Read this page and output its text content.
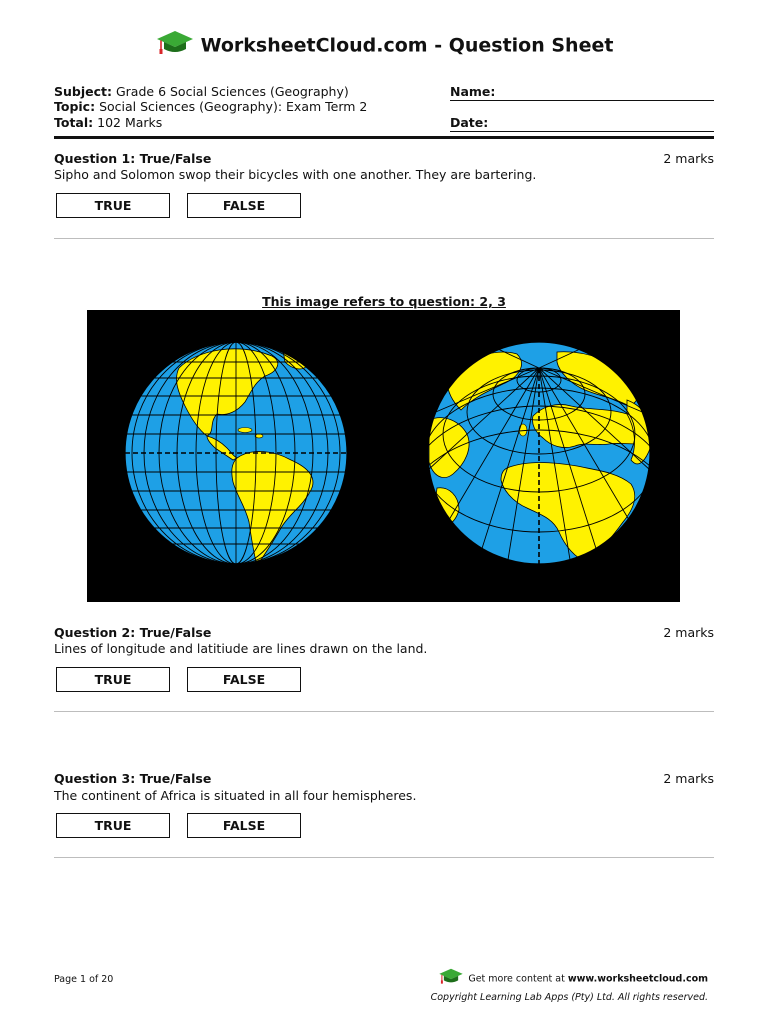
WorksheetCloud.com - Question Sheet
Subject: Grade 6 Social Sciences (Geography)
Topic: Social Sciences (Geography): Exam Term 2
Total: 102 Marks
Name:
Date:
Question 1: True/False	2 marks
Sipho and Solomon swop their bicycles with one another. They are bartering.
TRUE	FALSE
This image refers to question: 2, 3
Question 2: True/False	2 marks
Lines of longitude and latitiude are lines drawn on the land.
TRUE	FALSE
Question 3: True/False	2 marks
The continent of Africa is situated in all four hemispheres.
TRUE	FALSE
Page 1 of 20	Get more content at www.worksheetcloud.com
Copyright Learning Lab Apps (Pty) Ltd. All rights reserved.
